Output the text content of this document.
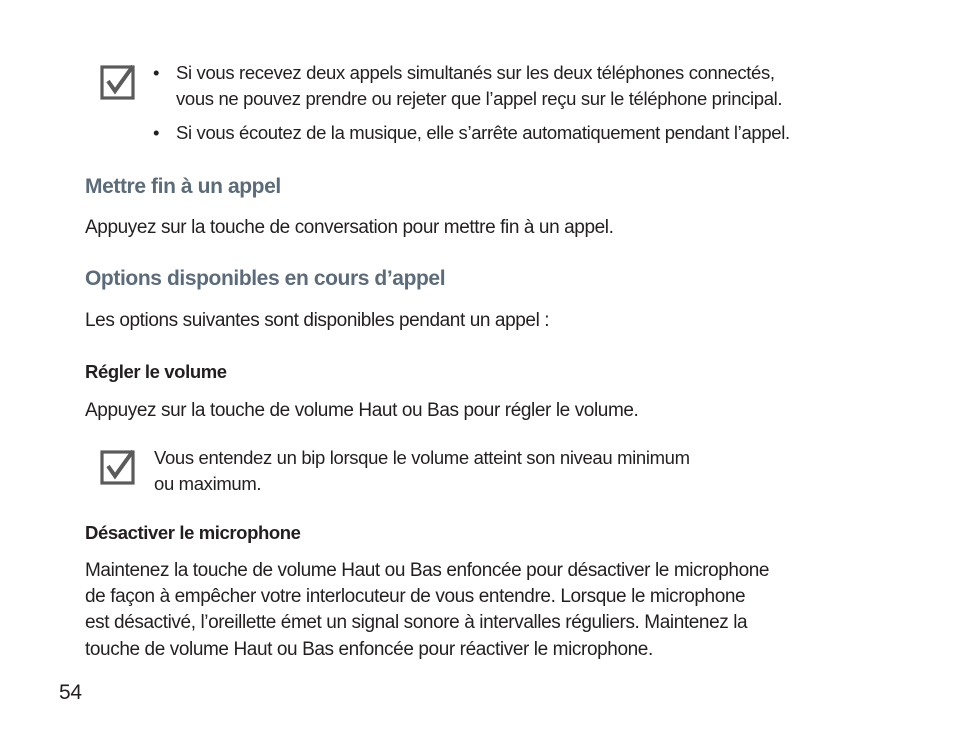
• Si vous recevez deux appels simultanés sur les deux téléphones connectés,
vous ne pouvez prendre ou rejeter que l’appel reçu sur le téléphone principal.
• Si vous écoutez de la musique, elle s’arrête automatiquement pendant l’appel.
Mettre fin à un appel
Appuyez sur la touche de conversation pour mettre fin à un appel.
Options disponibles en cours d’appel
Les options suivantes sont disponibles pendant un appel :
Régler le volume
Appuyez sur la touche de volume Haut ou Bas pour régler le volume.
Vous entendez un bip lorsque le volume atteint son niveau minimum
ou maximum.
Désactiver le microphone
Maintenez la touche de volume Haut ou Bas enfoncée pour désactiver le microphone
de façon à empêcher votre interlocuteur de vous entendre. Lorsque le microphone
est désactivé, l’oreillette émet un signal sonore à intervalles réguliers. Maintenez la
touche de volume Haut ou Bas enfoncée pour réactiver le microphone.
54
